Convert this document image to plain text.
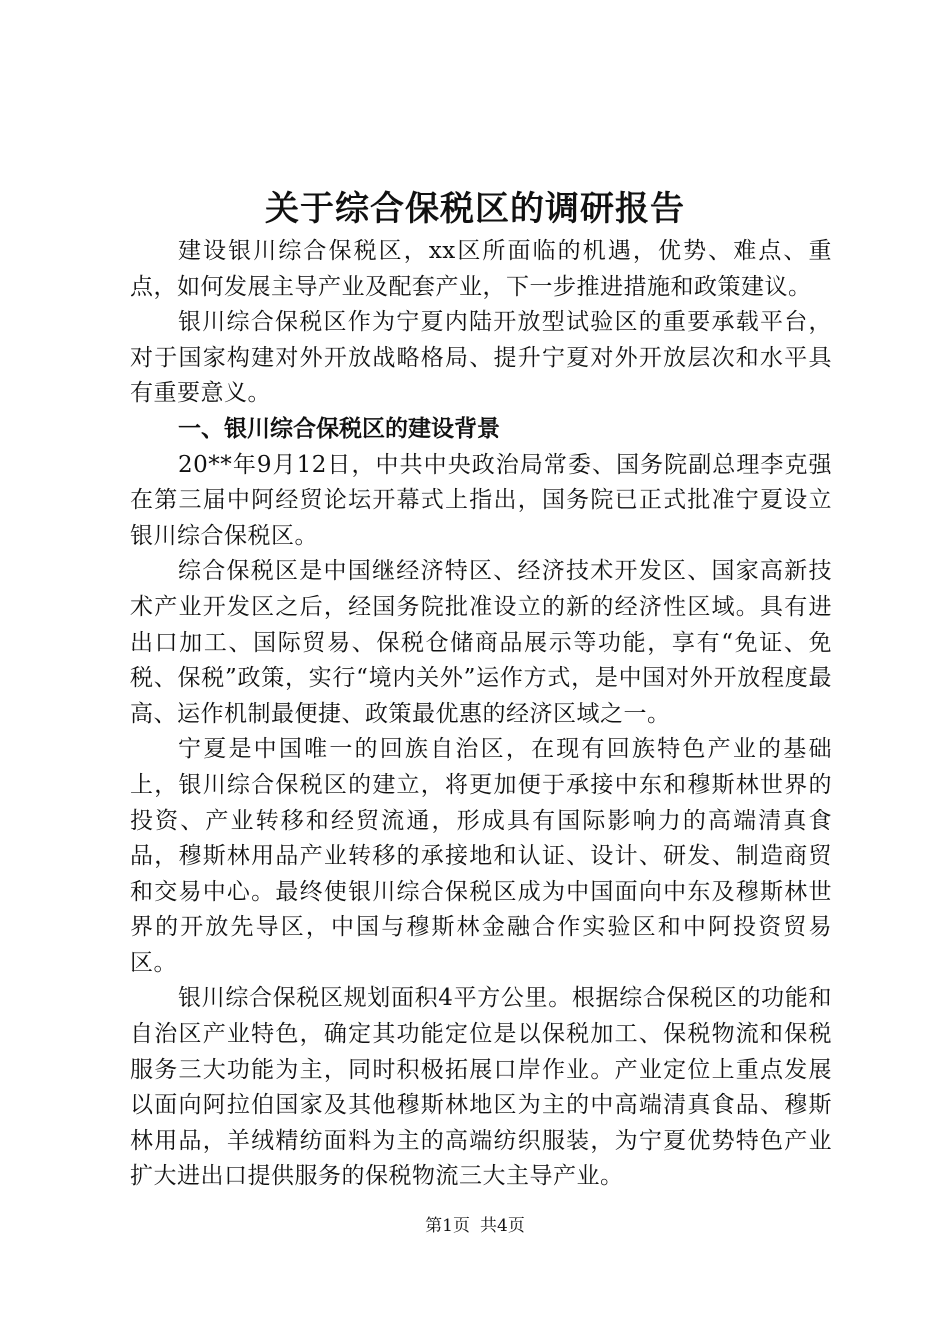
关于综合保税区的调研报告

建设银川综合保税区，xx区所面临的机遇，优势、难点、重点，如何发展主导产业及配套产业，下一步推进措施和政策建议。

银川综合保税区作为宁夏内陆开放型试验区的重要承载平台，对于国家构建对外开放战略格局、提升宁夏对外开放层次和水平具有重要意义。

一、银川综合保税区的建设背景

20**年9月12日，中共中央政治局常委、国务院副总理李克强在第三届中阿经贸论坛开幕式上指出，国务院已正式批准宁夏设立银川综合保税区。

综合保税区是中国继经济特区、经济技术开发区、国家高新技术产业开发区之后，经国务院批准设立的新的经济性区域。具有进出口加工、国际贸易、保税仓储商品展示等功能，享有“免证、免税、保税”政策，实行“境内关外”运作方式，是中国对外开放程度最高、运作机制最便捷、政策最优惠的经济区域之一。

宁夏是中国唯一的回族自治区，在现有回族特色产业的基础上，银川综合保税区的建立，将更加便于承接中东和穆斯林世界的投资、产业转移和经贸流通，形成具有国际影响力的高端清真食品，穆斯林用品产业转移的承接地和认证、设计、研发、制造商贸和交易中心。最终使银川综合保税区成为中国面向中东及穆斯林世界的开放先导区，中国与穆斯林金融合作实验区和中阿投资贸易区。

银川综合保税区规划面积4平方公里。根据综合保税区的功能和自治区产业特色，确定其功能定位是以保税加工、保税物流和保税服务三大功能为主，同时积极拓展口岸作业。产业定位上重点发展以面向阿拉伯国家及其他穆斯林地区为主的中高端清真食品、穆斯林用品，羊绒精纺面料为主的高端纺织服装，为宁夏优势特色产业扩大进出口提供服务的保税物流三大主导产业。

第1页 共4页
